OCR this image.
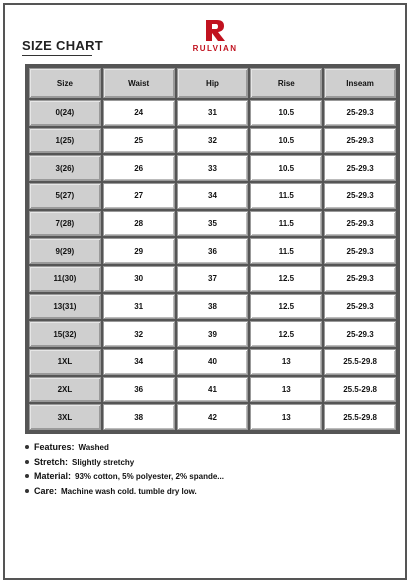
SIZE CHART	RULVIAN
Size	Waist	Hip	Rise	Inseam
0(24)	24	31	10.5	25-29.3
1(25)	25	32	10.5	25-29.3
3(26)	26	33	10.5	25-29.3
5(27)	27	34	11.5	25-29.3
7(28)	28	35	11.5	25-29.3
9(29)	29	36	11.5	25-29.3
11(30)	30	37	12.5	25-29.3
13(31)	31	38	12.5	25-29.3
15(32)	32	39	12.5	25-29.3
1XL	34	40	13	25.5-29.8
2XL	36	41	13	25.5-29.8
3XL	38	42	13	25.5-29.8
Features: Washed
Stretch: Slightly stretchy
Material: 93% cotton, 5% polyester, 2% spande...
Care: Machine wash cold. tumble dry low.
